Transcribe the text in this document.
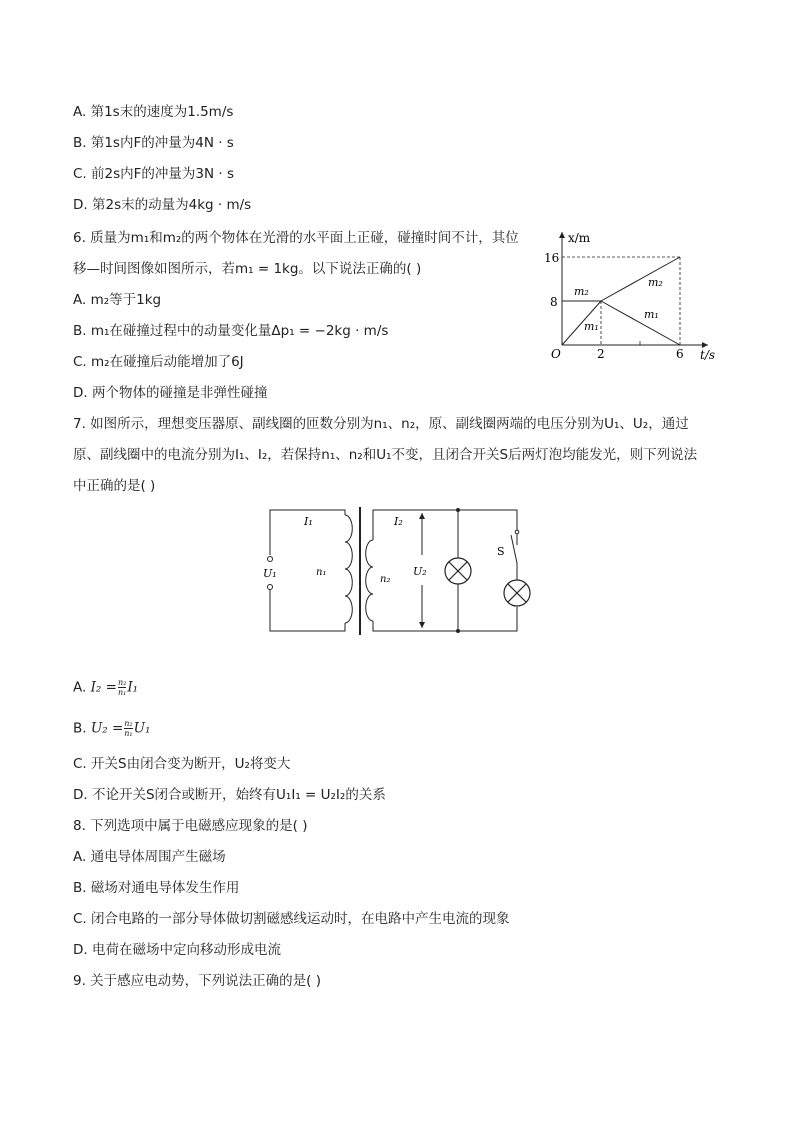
A. 第1s末的速度为1.5m/s
B. 第1s内F的冲量为4N · s
C. 前2s内F的冲量为3N · s
D. 第2s末的动量为4kg · m/s
6. 质量为m₁和m₂的两个物体在光滑的水平面上正碰，碰撞时间不计，其位
移—时间图像如图所示，若m₁ = 1kg。以下说法正确的( )
A. m₂等于1kg
B. m₁在碰撞过程中的动量变化量Δp₁ = −2kg · m/s
C. m₂在碰撞后动能增加了6J
D. 两个物体的碰撞是非弹性碰撞
x/m
t/s
O
16
8
2	6
m₂
m₂
m₁
m₁
7. 如图所示，理想变压器原、副线圈的匝数分别为n₁、n₂，原、副线圈两端的电压分别为U₁、U₂，通过
原、副线圈中的电流分别为I₁、I₂，若保持n₁、n₂和U₁不变，且闭合开关S后两灯泡均能发光，则下列说法
中正确的是( )
I₁
U₁	n₁
n₂
I₂
U₂
S
A. $I_2 = \frac{\text{n₂}}{\text{n₁}} I_1$
B. $U_2 = \frac{\text{n₂}}{\text{n₁}} U_1$
C. 开关S由闭合变为断开，U₂将变大
D. 不论开关S闭合或断开，始终有U₁I₁ = U₂I₂的关系
8. 下列选项中属于电磁感应现象的是( )
A. 通电导体周围产生磁场
B. 磁场对通电导体发生作用
C. 闭合电路的一部分导体做切割磁感线运动时，在电路中产生电流的现象
D. 电荷在磁场中定向移动形成电流
9. 关于感应电动势，下列说法正确的是( )
